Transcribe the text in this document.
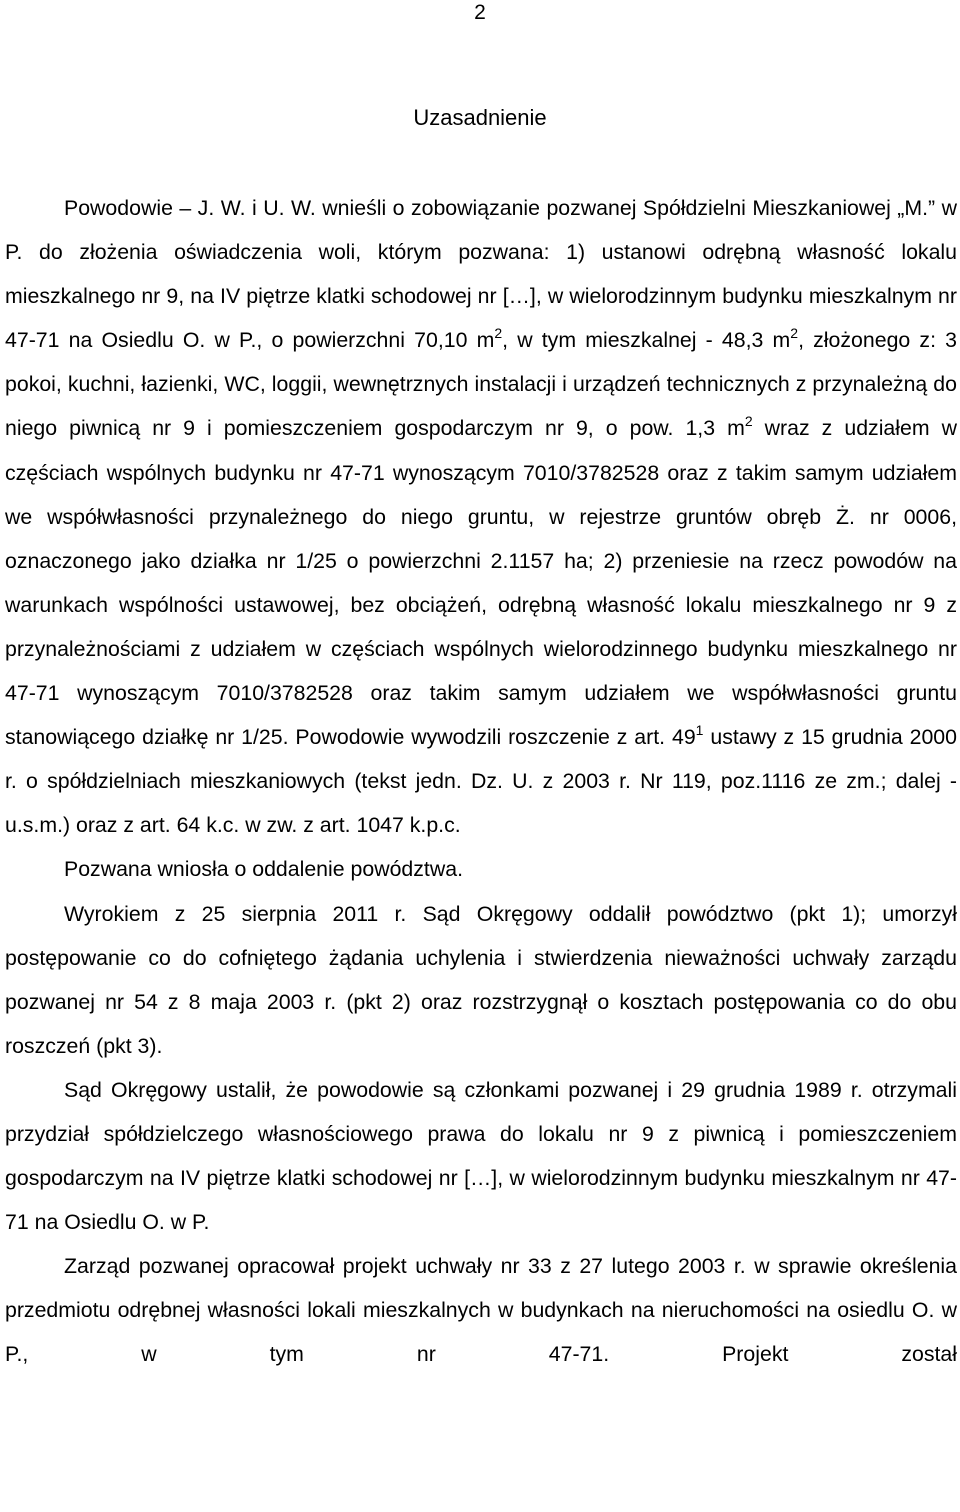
2
Uzasadnienie

Powodowie – J. W. i U. W. wnieśli o zobowiązanie pozwanej Spółdzielni Mieszkaniowej „M.” w P. do złożenia oświadczenia woli, którym pozwana: 1) ustanowi odrębną własność lokalu mieszkalnego nr 9, na IV piętrze klatki schodowej nr […], w wielorodzinnym budynku mieszkalnym nr 47-71 na Osiedlu O. w P., o powierzchni 70,10 $m^2$, w tym mieszkalnej - 48,3 $m^2$, złożonego z: 3 pokoi, kuchni, łazienki, WC, loggii, wewnętrznych instalacji i urządzeń technicznych z przynależną do niego piwnicą nr 9 i pomieszczeniem gospodarczym nr 9, o pow. 1,3 $m^2$ wraz z udziałem w częściach wspólnych budynku nr 47-71 wynoszącym 7010/3782528 oraz z takim samym udziałem we współwłasności przynależnego do niego gruntu, w rejestrze gruntów obręb Ż. nr 0006, oznaczonego jako działka nr 1/25 o powierzchni 2.1157 ha; 2) przeniesie na rzecz powodów na warunkach wspólności ustawowej, bez obciążeń, odrębną własność lokalu mieszkalnego nr 9 z przynależnościami z udziałem w częściach wspólnych wielorodzinnego budynku mieszkalnego nr 47-71 wynoszącym 7010/3782528 oraz takim samym udziałem we współwłasności gruntu stanowiącego działkę nr 1/25. Powodowie wywodzili roszczenie z art. $49^1$ ustawy z 15 grudnia 2000 r. o spółdzielniach mieszkaniowych (tekst jedn. Dz. U. z 2003 r. Nr 119, poz.1116 ze zm.; dalej - u.s.m.) oraz z art. 64 k.c. w zw. z art. 1047 k.p.c.

Pozwana wniosła o oddalenie powództwa.

Wyrokiem z 25 sierpnia 2011 r. Sąd Okręgowy oddalił powództwo (pkt 1); umorzył postępowanie co do cofniętego żądania uchylenia i stwierdzenia nieważności uchwały zarządu pozwanej nr 54 z 8 maja 2003 r. (pkt 2) oraz rozstrzygnął o kosztach postępowania co do obu roszczeń (pkt 3).

Sąd Okręgowy ustalił, że powodowie są członkami pozwanej i 29 grudnia 1989 r. otrzymali przydział spółdzielczego własnościowego prawa do lokalu nr 9 z piwnicą i pomieszczeniem gospodarczym na IV piętrze klatki schodowej nr […], w wielorodzinnym budynku mieszkalnym nr 47-71 na Osiedlu O. w P.

Zarząd pozwanej opracował projekt uchwały nr 33 z 27 lutego 2003 r. w sprawie określenia przedmiotu odrębnej własności lokali mieszkalnych w budynkach na nieruchomości na osiedlu O. w P., w tym nr 47-71. Projekt został
